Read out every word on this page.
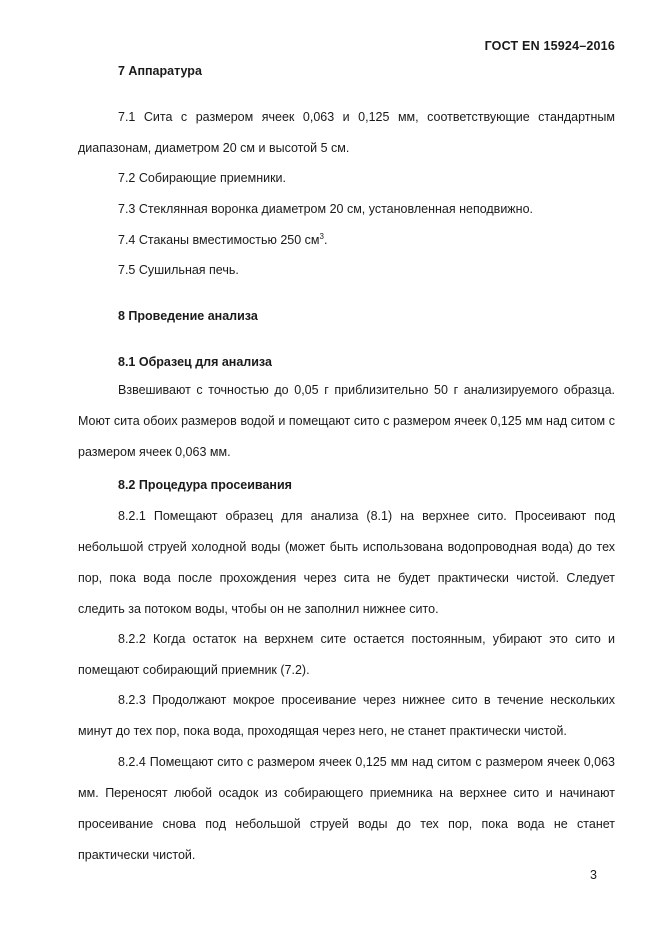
ГОСТ EN 15924–2016
7 Аппаратура

7.1 Сита с размером ячеек 0,063 и 0,125 мм, соответствующие стандартным диапазонам, диаметром 20 см и высотой 5 см.

7.2 Собирающие приемники.
7.3 Стеклянная воронка диаметром 20 см, установленная неподвижно.
7.4 Стаканы вместимостью 250 $см^3$.
7.5 Сушильная печь.
8 Проведение анализа
8.1 Образец для анализа

Взвешивают с точностью до 0,05 г приблизительно 50 г анализируемого образца. Моют сита обоих размеров водой и помещают сито с размером ячеек 0,125 мм над ситом с размером ячеек 0,063 мм.

8.2 Процедура просеивания

8.2.1 Помещают образец для анализа (8.1) на верхнее сито. Просеивают под небольшой струей холодной воды (может быть использована водопроводная вода) до тех пор, пока вода после прохождения через сита не будет практически чистой. Следует следить за потоком воды, чтобы он не заполнил нижнее сито.

8.2.2 Когда остаток на верхнем сите остается постоянным, убирают это сито и помещают собирающий приемник (7.2).

8.2.3 Продолжают мокрое просеивание через нижнее сито в течение нескольких минут до тех пор, пока вода, проходящая через него, не станет практически чистой.

8.2.4 Помещают сито с размером ячеек 0,125 мм над ситом с размером ячеек 0,063 мм. Переносят любой осадок из собирающего приемника на верхнее сито и начинают просеивание снова под небольшой струей воды до тех пор, пока вода не станет практически чистой.

3
